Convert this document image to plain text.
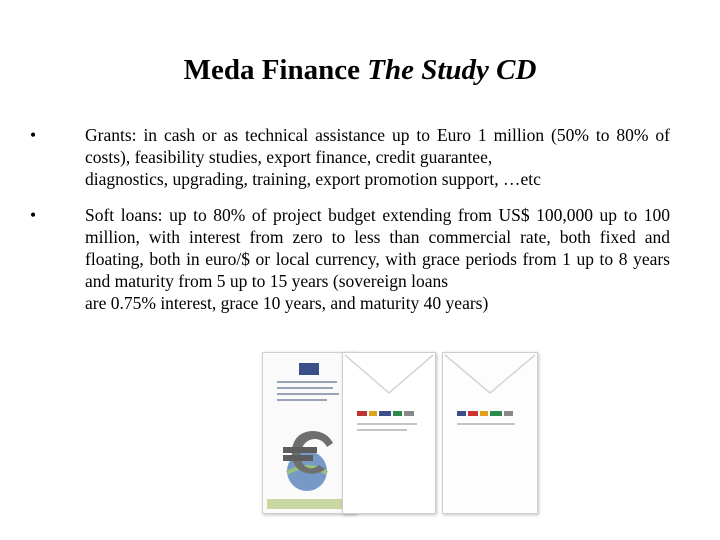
Meda Finance The Study CD
•	Grants: in cash or as technical assistance up to Euro 1 million (50% to 80% of costs), feasibility studies, export finance, credit guarantee,
diagnostics, upgrading, training, export promotion support, …etc
•	Soft loans: up to 80% of project budget extending from US$ 100,000 up to 100 million, with interest from zero to less than commercial rate, both fixed and floating, both in euro/$ or local currency, with grace periods from 1 up to 8 years and maturity from 5 up to 15 years (sovereign loans
are 0.75% interest, grace 10 years, and maturity 40 years)
